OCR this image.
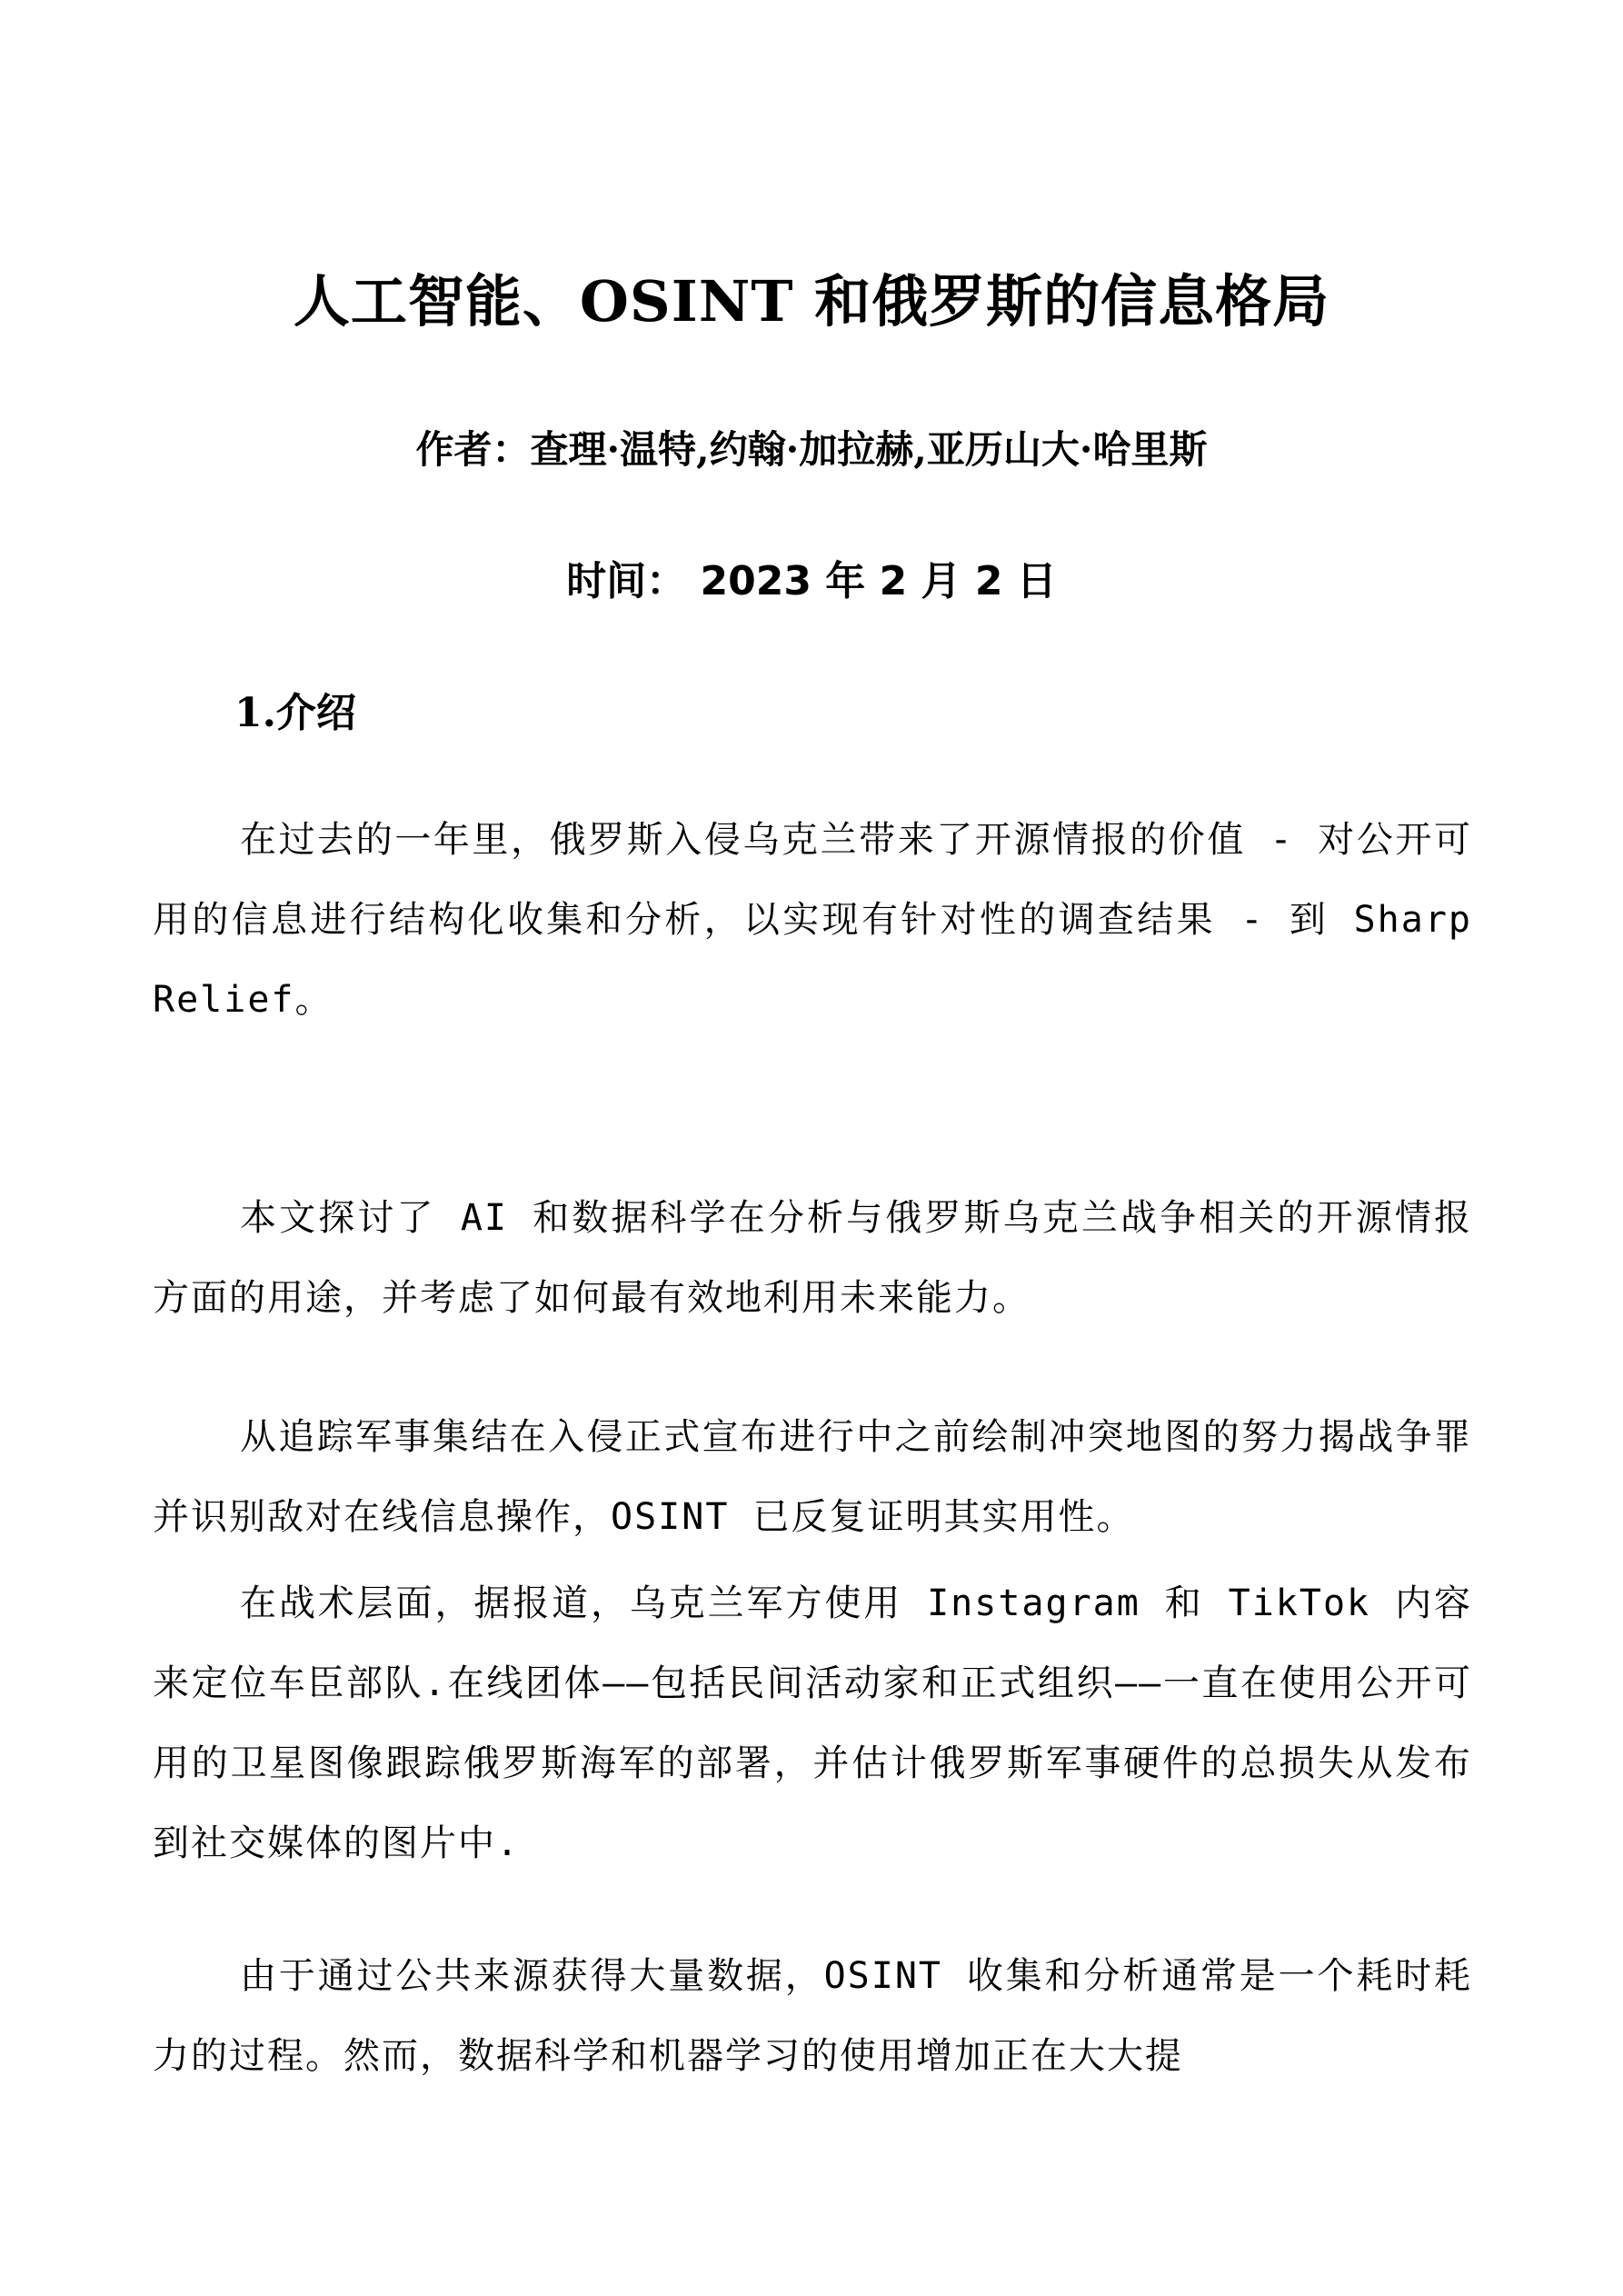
人工智能、OSINT 和俄罗斯的信息格局
作者：查理·温特,约翰·加拉赫,亚历山大·哈里斯
时间： 2023 年 2 月 2 日
1.介绍

在过去的一年里，俄罗斯入侵乌克兰带来了开源情报的价值 - 对公开可用的信息进行结构化收集和分析，以实现有针对性的调查结果 - 到 Sharp Relief。

本文探讨了 AI 和数据科学在分析与俄罗斯乌克兰战争相关的开源情报方面的用途，并考虑了如何最有效地利用未来能力。

从追踪军事集结在入侵正式宣布进行中之前绘制冲突地图的努力揭战争罪并识别敌对在线信息操作，OSINT 已反复证明其实用性。

在战术层面，据报道，乌克兰军方使用 Instagram 和 TikTok 内容来定位车臣部队.在线团体——包括民间活动家和正式组织——一直在使用公开可用的卫星图像跟踪俄罗斯海军的部署，并估计俄罗斯军事硬件的总损失从发布到社交媒体的图片中.

由于通过公共来源获得大量数据，OSINT 收集和分析通常是一个耗时耗力的过程。然而，数据科学和机器学习的使用增加正在大大提
